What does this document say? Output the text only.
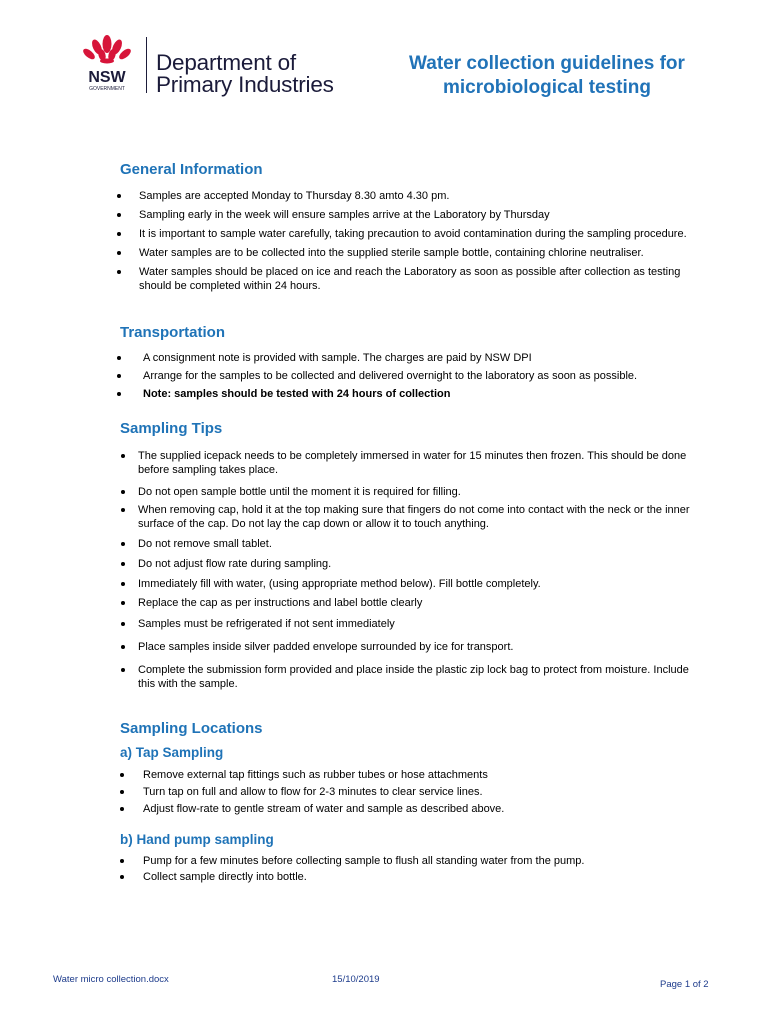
NSW
GOVERNMENT
Department of
Primary Industries
Water collection guidelines for
microbiological testing
General Information
Samples are accepted Monday to Thursday 8.30 amto 4.30 pm.
Sampling early in the week will ensure samples arrive at the Laboratory by Thursday
It is important to sample water carefully, taking precaution to avoid contamination during the sampling procedure.
Water samples are to be collected into the supplied sterile sample bottle, containing chlorine neutraliser.
Water samples should be placed on ice and reach the Laboratory as soon as possible after collection as testing should be completed within 24 hours.
Transportation
A consignment note is provided with sample. The charges are paid by NSW DPI
Arrange for the samples to be collected and delivered overnight to the laboratory as soon as possible.
Note: samples should be tested with 24 hours of collection
Sampling Tips
The supplied icepack needs to be completely immersed in water for 15 minutes then frozen. This should be done before sampling takes place.
Do not open sample bottle until the moment it is required for filling.
When removing cap, hold it at the top making sure that fingers do not come into contact with the neck or the inner surface of the cap. Do not lay the cap down or allow it to touch anything.
Do not remove small tablet.
Do not adjust flow rate during sampling.
Immediately fill with water, (using appropriate method below). Fill bottle completely.
Replace the cap as per instructions and label bottle clearly
Samples must be refrigerated if not sent immediately
Place samples inside silver padded envelope surrounded by ice for transport.
Complete the submission form provided and place inside the plastic zip lock bag to protect from moisture. Include this with the sample.
Sampling Locations
a) Tap Sampling
Remove external tap fittings such as rubber tubes or hose attachments
Turn tap on full and allow to flow for 2-3 minutes to clear service lines.
Adjust flow-rate to gentle stream of water and sample as described above.
b) Hand pump sampling
Pump for a few minutes before collecting sample to flush all standing water from the pump.
Collect sample directly into bottle.
Water micro collection.docx	15/10/2019	Page 1 of 2
